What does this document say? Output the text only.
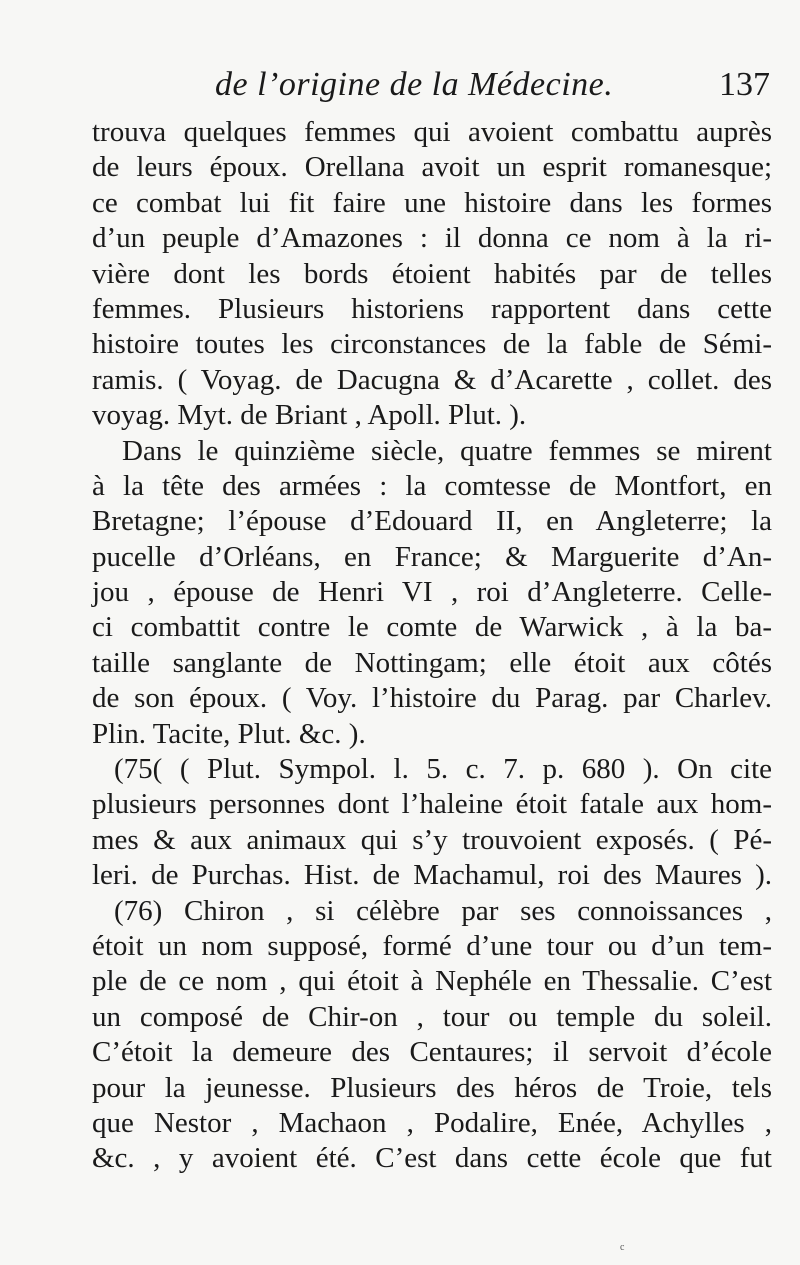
de l’origine de la Médecine.	137
trouva quelques femmes qui avoient combattu auprès
de leurs époux. Orellana avoit un esprit romanesque;
ce combat lui fit faire une histoire dans les formes
d’un peuple d’Amazones : il donna ce nom à la ri-
vière dont les bords étoient habités par de telles
femmes. Plusieurs historiens rapportent dans cette
histoire toutes les circonstances de la fable de Sémi-
ramis. ( Voyag. de Dacugna & d’Acarette , collet. des
voyag. Myt. de Briant , Apoll. Plut. ).
Dans le quinzième siècle, quatre femmes se mirent
à la tête des armées : la comtesse de Montfort, en
Bretagne; l’épouse d’Edouard II, en Angleterre; la
pucelle d’Orléans, en France; & Marguerite d’An-
jou , épouse de Henri VI , roi d’Angleterre. Celle-
ci combattit contre le comte de Warwick , à la ba-
taille sanglante de Nottingam; elle étoit aux côtés
de son époux. ( Voy. l’histoire du Parag. par Charlev.
Plin. Tacite, Plut. &c. ).
(75( ( Plut. Sympol. l. 5. c. 7. p. 680 ). On cite
plusieurs personnes dont l’haleine étoit fatale aux hom-
mes & aux animaux qui s’y trouvoient exposés. ( Pé-
leri. de Purchas. Hist. de Machamul, roi des Maures ).
(76) Chiron , si célèbre par ses connoissances ,
étoit un nom supposé, formé d’une tour ou d’un tem-
ple de ce nom , qui étoit à Nephéle en Thessalie. C’est
un composé de Chir-on , tour ou temple du soleil.
C’étoit la demeure des Centaures; il servoit d’école
pour la jeunesse. Plusieurs des héros de Troie, tels
que Nestor , Machaon , Podalire, Enée, Achylles ,
&c. , y avoient été. C’est dans cette école que fut
c
